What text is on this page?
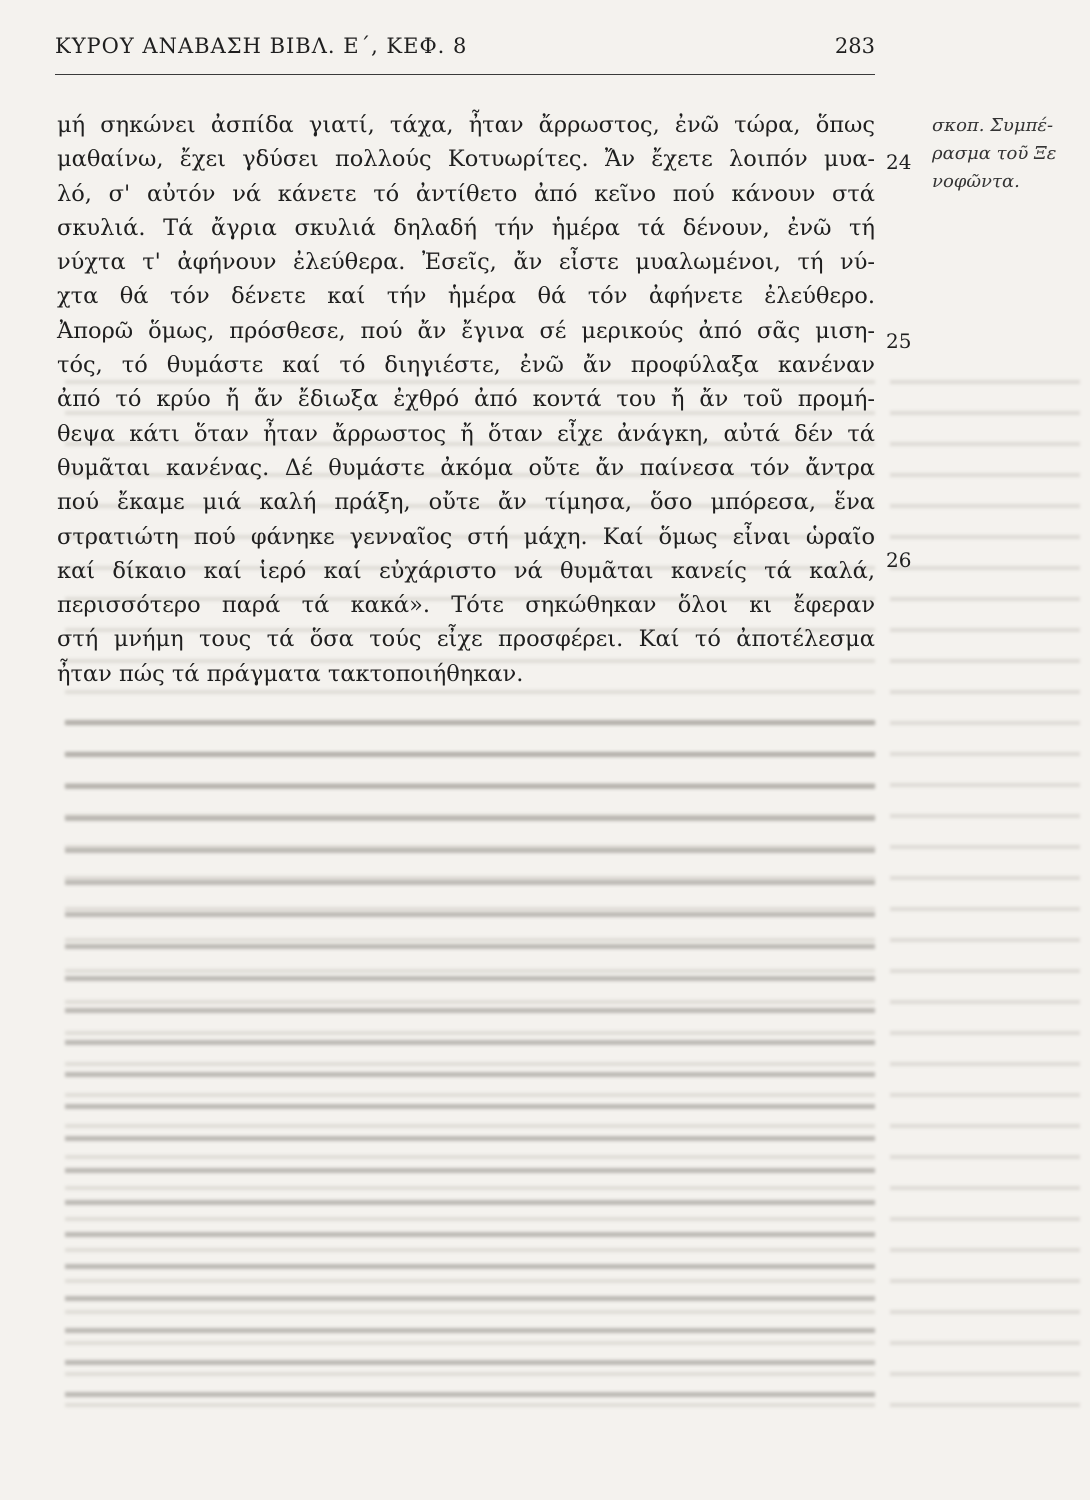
ΚΥΡΟΥ ΑΝΑΒΑΣΗ ΒΙΒΛ. Ε΄, ΚΕΦ. 8	283
μή σηκώνει ἀσπίδα γιατί, τάχα, ἦταν ἄρρωστος, ἐνῶ τώρα, ὅπως
μαθαίνω, ἔχει γδύσει πολλούς Κοτυωρίτες. Ἄν ἔχετε λοιπόν μυα-
λό, σ' αὐτόν νά κάνετε τό ἀντίθετο ἀπό κεῖνο πού κάνουν στά
σκυλιά. Τά ἄγρια σκυλιά δηλαδή τήν ἡμέρα τά δένουν, ἐνῶ τή
νύχτα τ' ἀφήνουν ἐλεύθερα. Ἐσεῖς, ἄν εἶστε μυαλωμένοι, τή νύ-
χτα θά τόν δένετε καί τήν ἡμέρα θά τόν ἀφήνετε ἐλεύθερο.
Ἀπορῶ ὅμως, πρόσθεσε, πού ἄν ἔγινα σέ μερικούς ἀπό σᾶς μιση-
τός, τό θυμάστε καί τό διηγιέστε, ἐνῶ ἄν προφύλαξα κανέναν
ἀπό τό κρύο ἤ ἄν ἔδιωξα ἐχθρό ἀπό κοντά του ἤ ἄν τοῦ προμή-
θεψα κάτι ὅταν ἦταν ἄρρωστος ἤ ὅταν εἶχε ἀνάγκη, αὐτά δέν τά
θυμᾶται κανένας. Δέ θυμάστε ἀκόμα οὔτε ἄν παίνεσα τόν ἄντρα
πού ἔκαμε μιά καλή πράξη, οὔτε ἄν τίμησα, ὅσο μπόρεσα, ἕνα
στρατιώτη πού φάνηκε γενναῖος στή μάχη. Καί ὅμως εἶναι ὡραῖο
καί δίκαιο καί ἱερό καί εὐχάριστο νά θυμᾶται κανείς τά καλά,
περισσότερο παρά τά κακά». Τότε σηκώθηκαν ὅλοι κι ἔφεραν
στή μνήμη τους τά ὅσα τούς εἶχε προσφέρει. Καί τό ἀποτέλεσμα
ἦταν πώς τά πράγματα τακτοποιήθηκαν.
24
25
26
σκοπ. Συμπέ-
ρασμα τοῦ Ξε
νοφῶντα.
